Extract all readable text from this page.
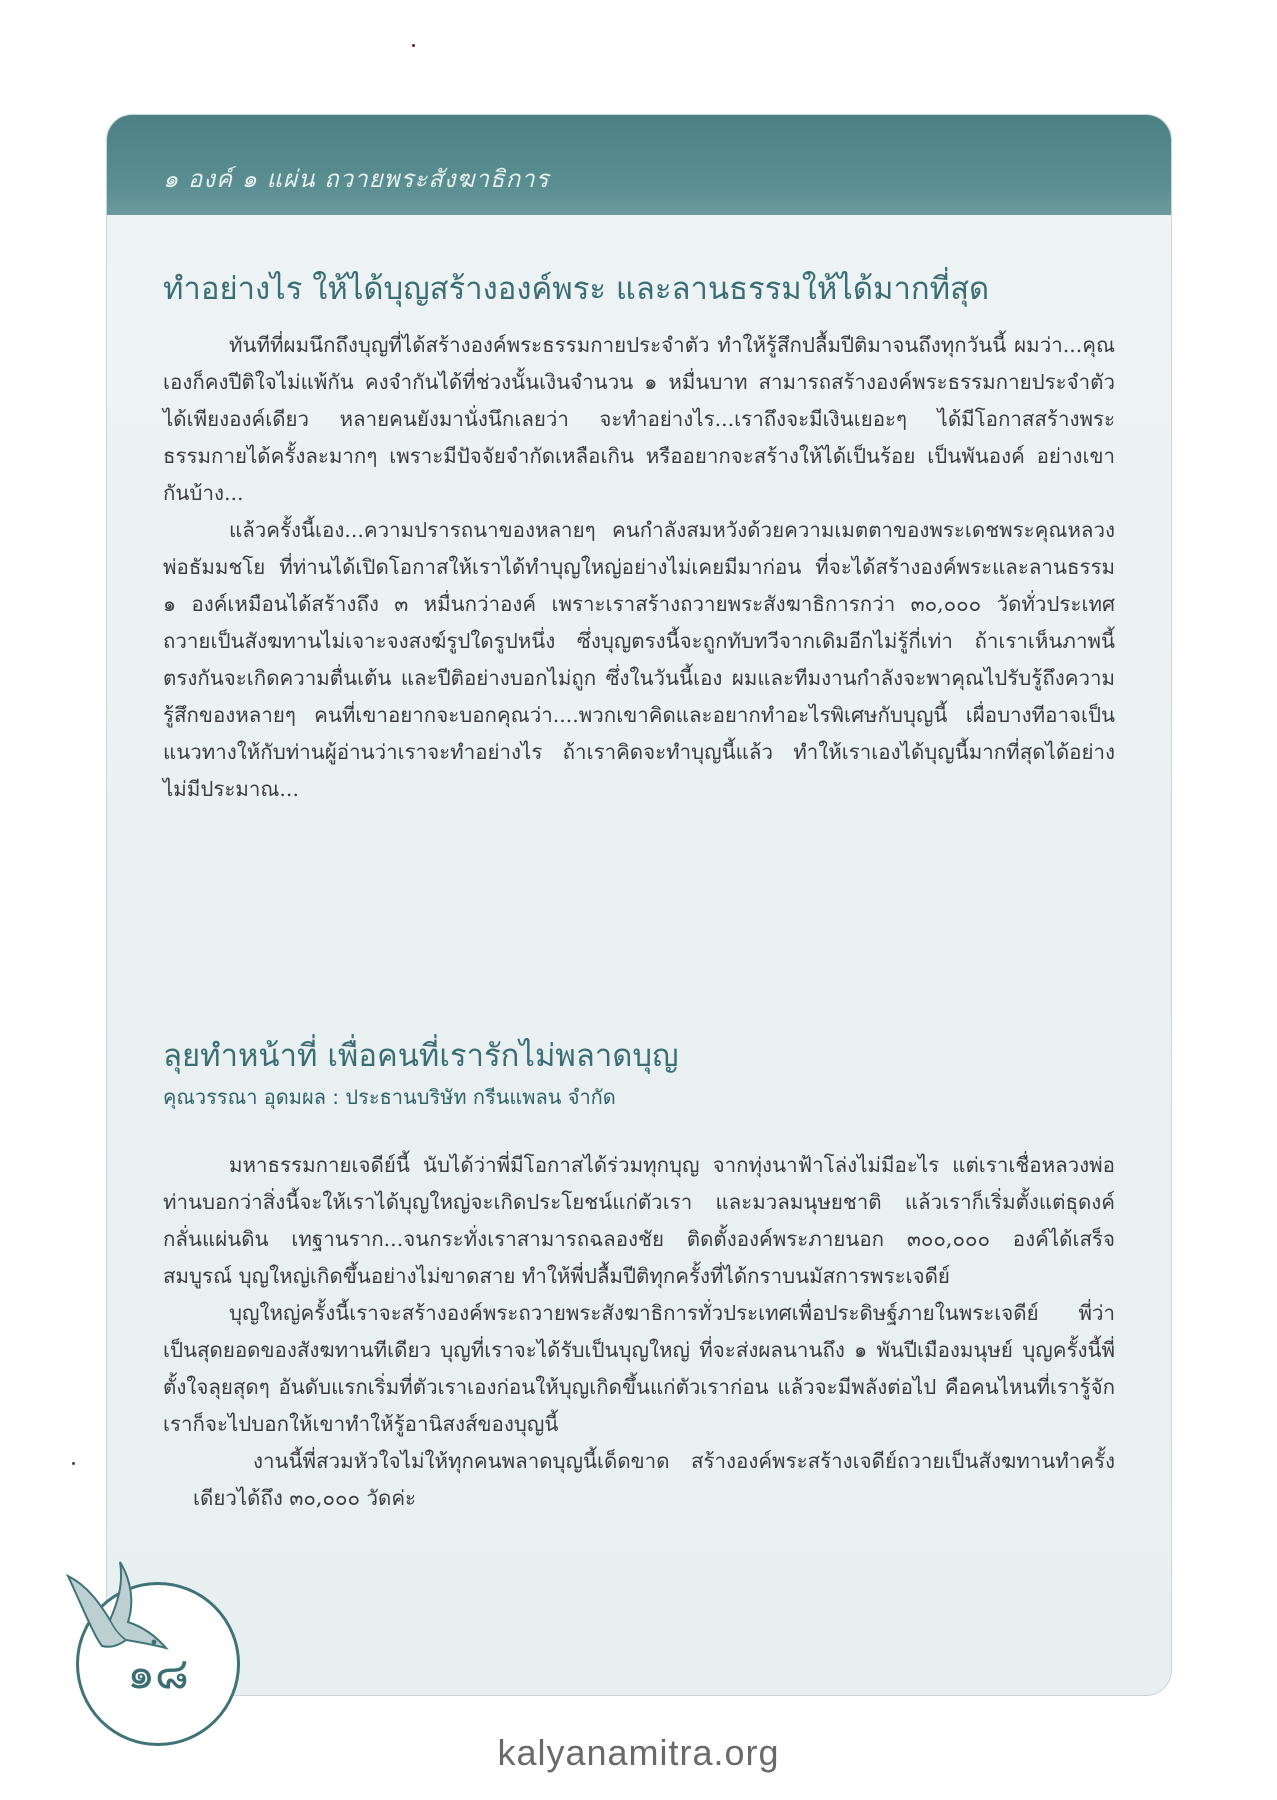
๑ องค์ ๑ แผ่น ถวายพระสังฆาธิการ
ทำอย่างไร ให้ได้บุญสร้างองค์พระ และลานธรรมให้ได้มากที่สุด

ทันทีที่ผมนึกถึงบุญที่ได้สร้างองค์พระธรรมกายประจำตัว ทำให้รู้สึกปลื้มปีติมาจนถึงทุกวันนี้ ผมว่า...คุณเองก็คงปีติใจไม่แพ้กัน คงจำกันได้ที่ช่วงนั้นเงินจำนวน ๑ หมื่นบาท สามารถสร้างองค์พระธรรมกายประจำตัวได้เพียงองค์เดียว หลายคนยังมานั่งนึกเลยว่า จะทำอย่างไร...เราถึงจะมีเงินเยอะๆ ได้มีโอกาสสร้างพระธรรมกายได้ครั้งละมากๆ เพราะมีปัจจัยจำกัดเหลือเกิน หรืออยากจะสร้างให้ได้เป็นร้อย เป็นพันองค์ อย่างเขากันบ้าง...

แล้วครั้งนี้เอง...ความปรารถนาของหลายๆ คนกำลังสมหวังด้วยความเมตตาของพระเดชพระคุณหลวงพ่อธัมมชโย ที่ท่านได้เปิดโอกาสให้เราได้ทำบุญใหญ่อย่างไม่เคยมีมาก่อน ที่จะได้สร้างองค์พระและลานธรรม ๑ องค์เหมือนได้สร้างถึง ๓ หมื่นกว่าองค์ เพราะเราสร้างถวายพระสังฆาธิการกว่า ๓๐,๐๐๐ วัดทั่วประเทศ ถวายเป็นสังฆทานไม่เจาะจงสงฆ์รูปใดรูปหนึ่ง ซึ่งบุญตรงนี้จะถูกทับทวีจากเดิมอีกไม่รู้กี่เท่า ถ้าเราเห็นภาพนี้ตรงกันจะเกิดความตื่นเต้น และปีติอย่างบอกไม่ถูก ซึ่งในวันนี้เอง ผมและทีมงานกำลังจะพาคุณไปรับรู้ถึงความรู้สึกของหลายๆ คนที่เขาอยากจะบอกคุณว่า....พวกเขาคิดและอยากทำอะไรพิเศษกับบุญนี้ เผื่อบางทีอาจเป็นแนวทางให้กับท่านผู้อ่านว่าเราจะทำอย่างไร ถ้าเราคิดจะทำบุญนี้แล้ว ทำให้เราเองได้บุญนี้มากที่สุดได้อย่างไม่มีประมาณ...

ลุยทำหน้าที่ เพื่อคนที่เรารักไม่พลาดบุญ
คุณวรรณา อุดมผล : ประธานบริษัท กรีนแพลน จำกัด

มหาธรรมกายเจดีย์นี้ นับได้ว่าพี่มีโอกาสได้ร่วมทุกบุญ จากทุ่งนาฟ้าโล่งไม่มีอะไร แต่เราเชื่อหลวงพ่อ ท่านบอกว่าสิ่งนี้จะให้เราได้บุญใหญ่จะเกิดประโยชน์แก่ตัวเรา และมวลมนุษยชาติ แล้วเราก็เริ่มตั้งแต่ธุดงค์กลั่นแผ่นดิน เทฐานราก...จนกระทั่งเราสามารถฉลองชัย ติดตั้งองค์พระภายนอก ๓๐๐,๐๐๐ องค์ได้เสร็จสมบูรณ์ บุญใหญ่เกิดขึ้นอย่างไม่ขาดสาย ทำให้พี่ปลื้มปีติทุกครั้งที่ได้กราบนมัสการพระเจดีย์

บุญใหญ่ครั้งนี้เราจะสร้างองค์พระถวายพระสังฆาธิการทั่วประเทศเพื่อประดิษฐ์ภายในพระเจดีย์ พี่ว่าเป็นสุดยอดของสังฆทานทีเดียว บุญที่เราจะได้รับเป็นบุญใหญ่ ที่จะส่งผลนานถึง ๑ พันปีเมืองมนุษย์ บุญครั้งนี้พี่ตั้งใจลุยสุดๆ อันดับแรกเริ่มที่ตัวเราเองก่อนให้บุญเกิดขึ้นแก่ตัวเราก่อน แล้วจะมีพลังต่อไป คือคนไหนที่เรารู้จัก เราก็จะไปบอกให้เขาทำให้รู้อานิสงส์ของบุญนี้

งานนี้พี่สวมหัวใจไม่ให้ทุกคนพลาดบุญนี้เด็ดขาด สร้างองค์พระสร้างเจดีย์ถวายเป็นสังฆทานทำครั้งเดียวได้ถึง ๓๐,๐๐๐ วัดค่ะ

๑๘
kalyanamitra.org
